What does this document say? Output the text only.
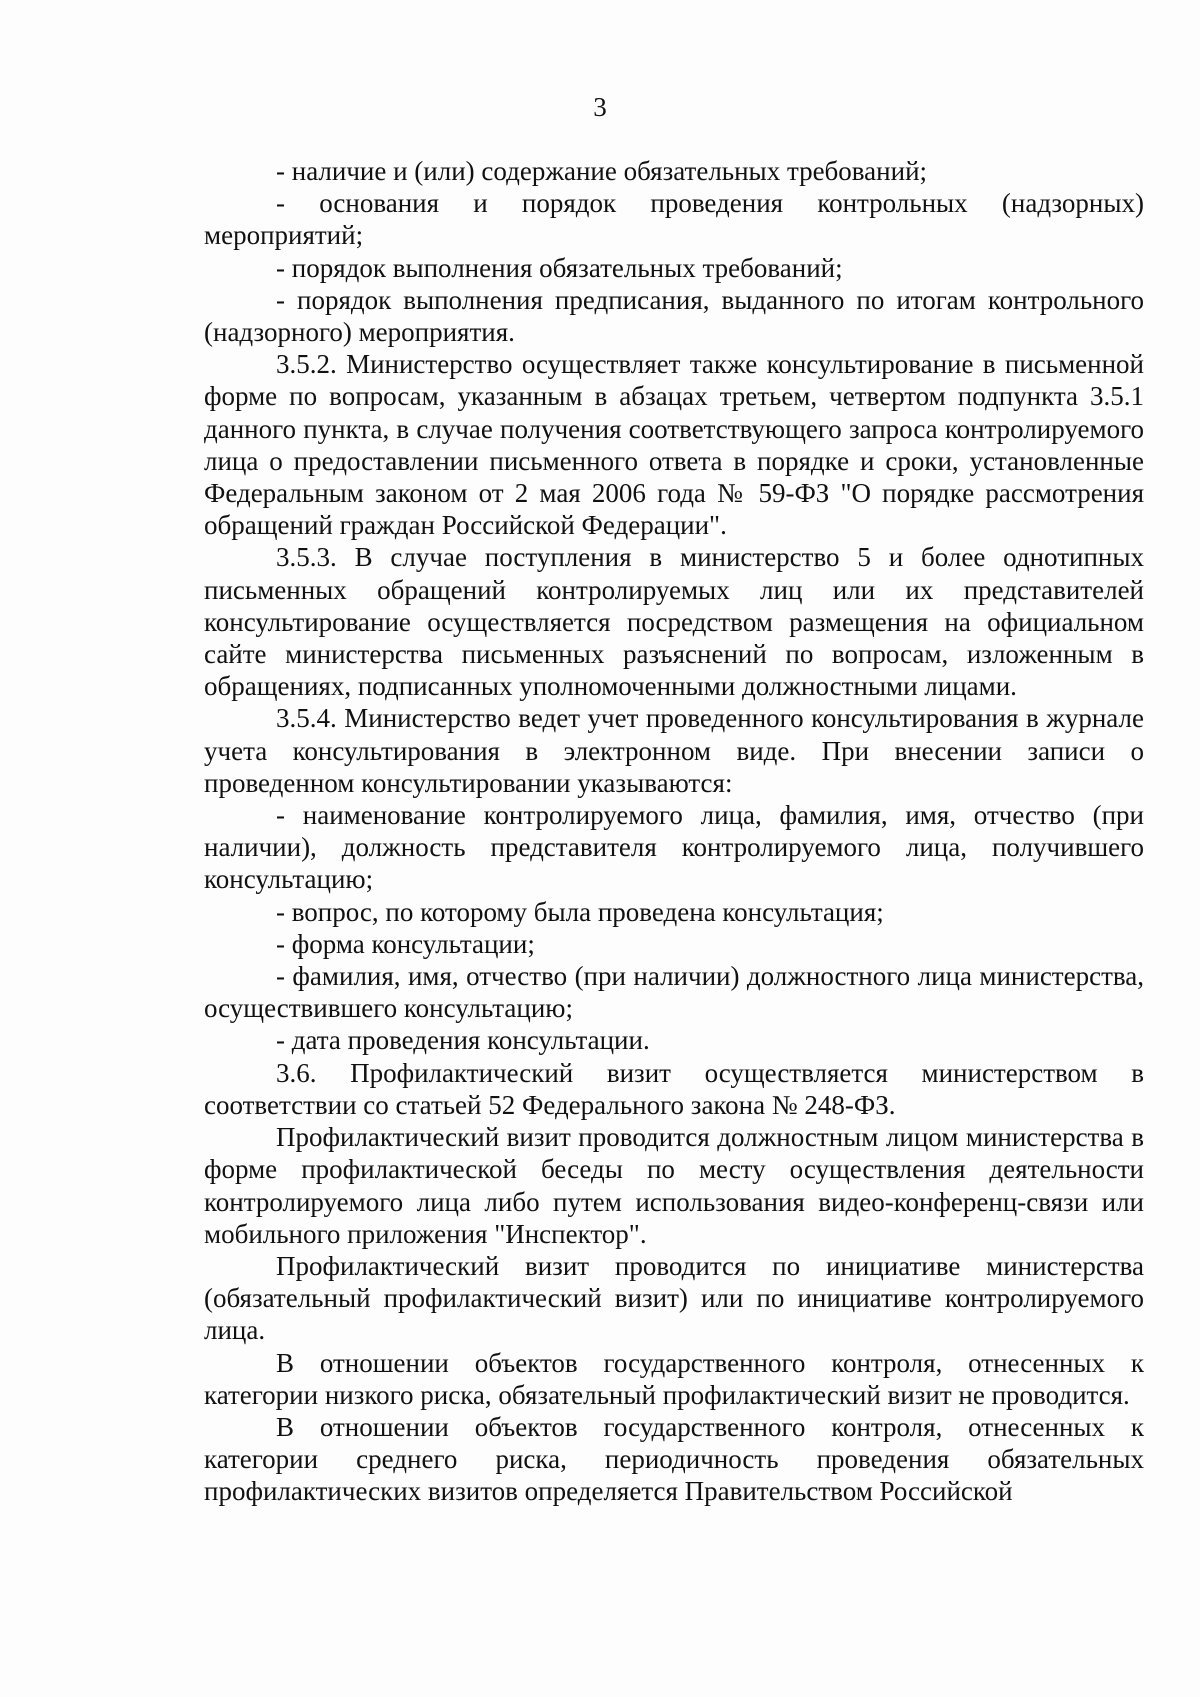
3

- наличие и (или) содержание обязательных требований;

- основания и порядок проведения контрольных (надзорных) мероприятий;

- порядок выполнения обязательных требований;

- порядок выполнения предписания, выданного по итогам контрольного (надзорного) мероприятия.

3.5.2. Министерство осуществляет также консультирование в письменной форме по вопросам, указанным в абзацах третьем, четвертом подпункта 3.5.1 данного пункта, в случае получения соответствующего запроса контролируемого лица о предоставлении письменного ответа в порядке и сроки, установленные Федеральным законом от 2 мая 2006 года № 59-ФЗ "О порядке рассмотрения обращений граждан Российской Федерации".

3.5.3. В случае поступления в министерство 5 и более однотипных письменных обращений контролируемых лиц или их представителей консультирование осуществляется посредством размещения на официальном сайте министерства письменных разъяснений по вопросам, изложенным в обращениях, подписанных уполномоченными должностными лицами.

3.5.4. Министерство ведет учет проведенного консультирования в журнале учета консультирования в электронном виде. При внесении записи о проведенном консультировании указываются:

- наименование контролируемого лица, фамилия, имя, отчество (при наличии), должность представителя контролируемого лица, получившего консультацию;

- вопрос, по которому была проведена консультация;

- форма консультации;

- фамилия, имя, отчество (при наличии) должностного лица министерства, осуществившего консультацию;

- дата проведения консультации.

3.6. Профилактический визит осуществляется министерством в соответствии со статьей 52 Федерального закона № 248-ФЗ.

Профилактический визит проводится должностным лицом министерства в форме профилактической беседы по месту осуществления деятельности контролируемого лица либо путем использования видео-конференц-связи или мобильного приложения "Инспектор".

Профилактический визит проводится по инициативе министерства (обязательный профилактический визит) или по инициативе контролируемого лица.

В отношении объектов государственного контроля, отнесенных к категории низкого риска, обязательный профилактический визит не проводится.

В отношении объектов государственного контроля, отнесенных к категории среднего риска, периодичность проведения обязательных профилактических визитов определяется Правительством Российской
